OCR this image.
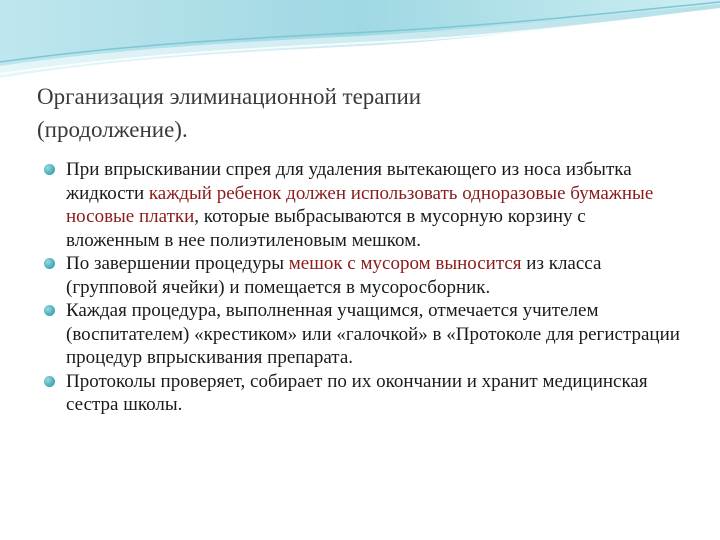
Организация элиминационной терапии
(продолжение).
При впрыскивании спрея для удаления вытекающего из носа избытка жидкости каждый ребенок должен использовать одноразовые бумажные носовые платки, которые выбрасываются в мусорную корзину с вложенным в нее полиэтиленовым мешком.
По завершении процедуры мешок с мусором выносится из класса (групповой ячейки) и помещается в мусоросборник.
Каждая процедура, выполненная учащимся, отмечается учителем (воспитателем) «крестиком» или «галочкой» в «Протоколе для регистрации процедур впрыскивания препарата.
Протоколы проверяет, собирает по их окончании и хранит медицинская сестра школы.
